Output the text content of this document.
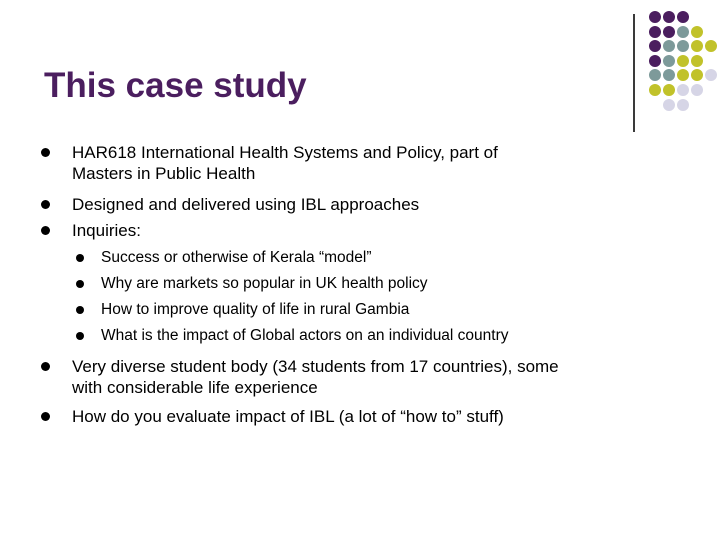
This case study
HAR618 International Health Systems and Policy, part of
Masters in Public Health
Designed and delivered using IBL approaches
Inquiries:
Success or otherwise of Kerala “model”
Why are markets so popular in UK health policy
How to improve quality of life in rural Gambia
What is the impact of Global actors on an individual country
Very diverse student body (34 students from 17 countries), some
with considerable life experience
How do you evaluate impact of IBL (a lot of “how to” stuff)
